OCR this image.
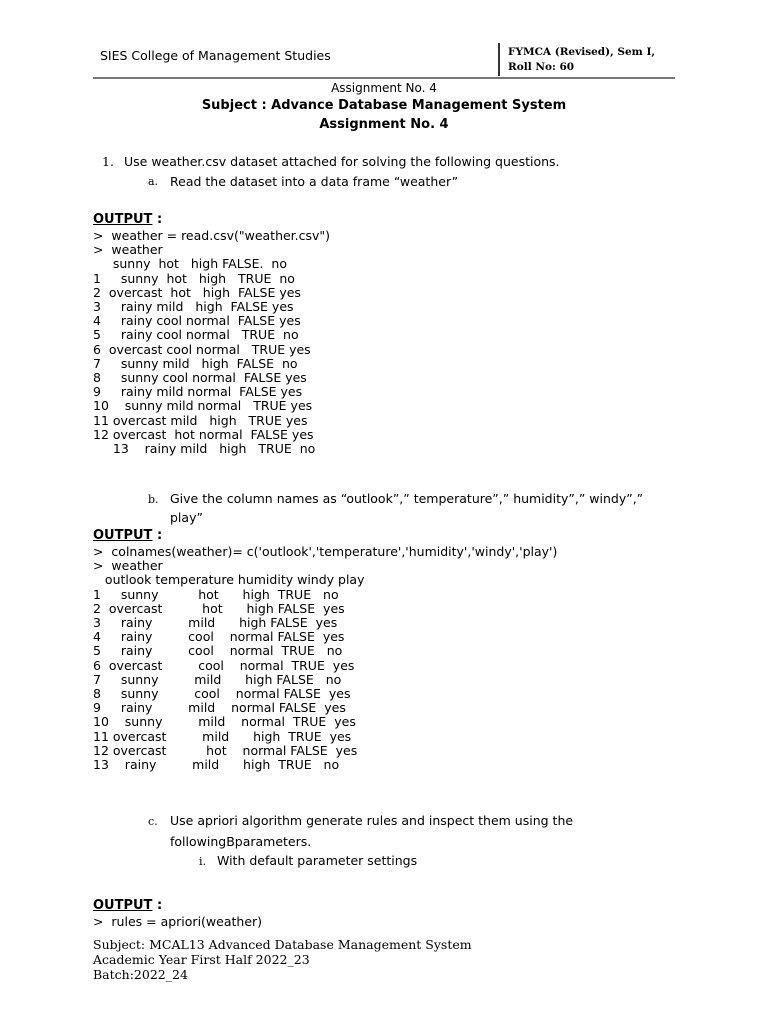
SIES College of Management Studies	FYMCA (Revised), Sem I,
Roll No: 60
Assignment No. 4
Subject : Advance Database Management System
Assignment No. 4
1. Use weather.csv dataset attached for solving the following questions.
a. Read the dataset into a data frame “weather”
OUTPUT :
>  weather = read.csv("weather.csv")
>  weather
sunny  hot   high FALSE.  no
1     sunny  hot   high   TRUE  no
2  overcast  hot   high  FALSE yes
3     rainy mild   high  FALSE yes
4     rainy cool normal  FALSE yes
5     rainy cool normal   TRUE  no
6  overcast cool normal   TRUE yes
7     sunny mild   high  FALSE  no
8     sunny cool normal  FALSE yes
9     rainy mild normal  FALSE yes
10    sunny mild normal   TRUE yes
11 overcast mild   high   TRUE yes
12 overcast  hot normal  FALSE yes
13    rainy mild   high   TRUE  no
b. Give the column names as “outlook”,” temperature”,” humidity”,” windy”,”
play”
OUTPUT :
>  colnames(weather)= c('outlook','temperature','humidity','windy','play')
>  weather
outlook temperature humidity windy play
1     sunny          hot      high  TRUE   no
2  overcast          hot      high FALSE  yes
3     rainy         mild      high FALSE  yes
4     rainy         cool    normal FALSE  yes
5     rainy         cool    normal  TRUE   no
6  overcast         cool    normal  TRUE  yes
7     sunny         mild      high FALSE   no
8     sunny         cool    normal FALSE  yes
9     rainy         mild    normal FALSE  yes
10    sunny         mild    normal  TRUE  yes
11 overcast         mild      high  TRUE  yes
12 overcast          hot    normal FALSE  yes
13    rainy         mild      high  TRUE   no
c. Use apriori algorithm generate rules and inspect them using the
followingBparameters.
i. With default parameter settings
OUTPUT :
>  rules = apriori(weather)
Subject: MCAL13 Advanced Database Management System
Academic Year First Half 2022_23
Batch:2022_24
